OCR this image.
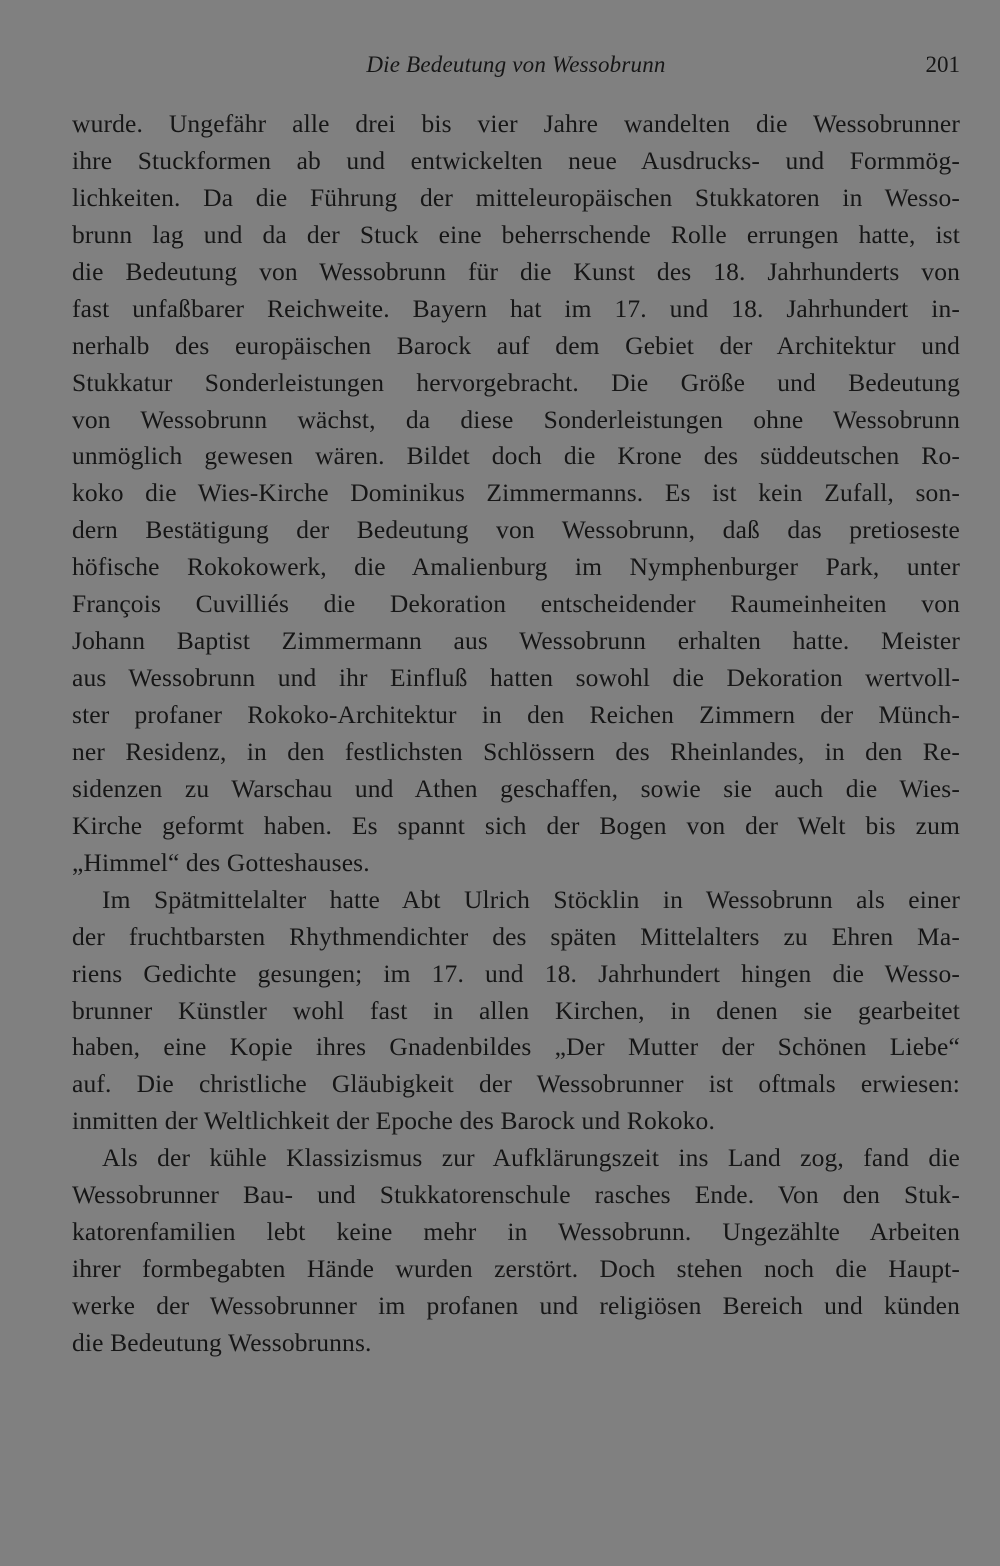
Die Bedeutung von Wessobrunn	201
wurde. Ungefähr alle drei bis vier Jahre wandelten die Wessobrunner
ihre Stuckformen ab und entwickelten neue Ausdrucks- und Formmög-
lichkeiten. Da die Führung der mitteleuropäischen Stukkatoren in Wesso-
brunn lag und da der Stuck eine beherrschende Rolle errungen hatte, ist
die Bedeutung von Wessobrunn für die Kunst des 18. Jahrhunderts von
fast unfaßbarer Reichweite. Bayern hat im 17. und 18. Jahrhundert in-
nerhalb des europäischen Barock auf dem Gebiet der Architektur und
Stukkatur Sonderleistungen hervorgebracht. Die Größe und Bedeutung
von Wessobrunn wächst, da diese Sonderleistungen ohne Wessobrunn
unmöglich gewesen wären. Bildet doch die Krone des süddeutschen Ro-
koko die Wies-Kirche Dominikus Zimmermanns. Es ist kein Zufall, son-
dern Bestätigung der Bedeutung von Wessobrunn, daß das pretioseste
höfische Rokokowerk, die Amalienburg im Nymphenburger Park, unter
François Cuvilliés die Dekoration entscheidender Raumeinheiten von
Johann Baptist Zimmermann aus Wessobrunn erhalten hatte. Meister
aus Wessobrunn und ihr Einfluß hatten sowohl die Dekoration wertvoll-
ster profaner Rokoko-Architektur in den Reichen Zimmern der Münch-
ner Residenz, in den festlichsten Schlössern des Rheinlandes, in den Re-
sidenzen zu Warschau und Athen geschaffen, sowie sie auch die Wies-
Kirche geformt haben. Es spannt sich der Bogen von der Welt bis zum
„Himmel“ des Gotteshauses.
Im Spätmittelalter hatte Abt Ulrich Stöcklin in Wessobrunn als einer
der fruchtbarsten Rhythmendichter des späten Mittelalters zu Ehren Ma-
riens Gedichte gesungen; im 17. und 18. Jahrhundert hingen die Wesso-
brunner Künstler wohl fast in allen Kirchen, in denen sie gearbeitet
haben, eine Kopie ihres Gnadenbildes „Der Mutter der Schönen Liebe“
auf. Die christliche Gläubigkeit der Wessobrunner ist oftmals erwiesen:
inmitten der Weltlichkeit der Epoche des Barock und Rokoko.
Als der kühle Klassizismus zur Aufklärungszeit ins Land zog, fand die
Wessobrunner Bau- und Stukkatorenschule rasches Ende. Von den Stuk-
katorenfamilien lebt keine mehr in Wessobrunn. Ungezählte Arbeiten
ihrer formbegabten Hände wurden zerstört. Doch stehen noch die Haupt-
werke der Wessobrunner im profanen und religiösen Bereich und künden
die Bedeutung Wessobrunns.
